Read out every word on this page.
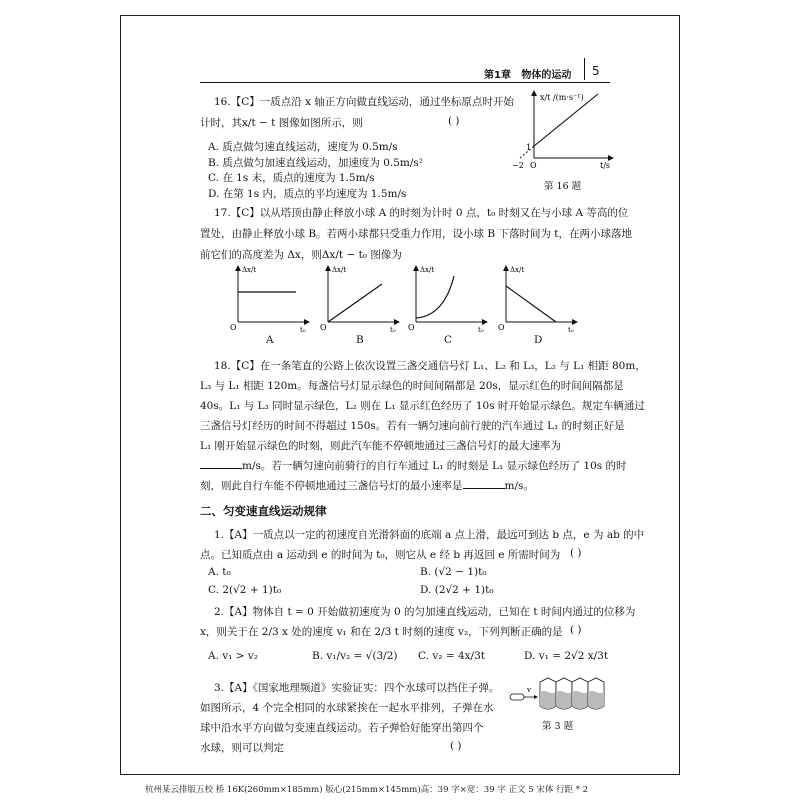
第1章 物体的运动 5
16.【C】一质点沿 x 轴正方向做直线运动，通过坐标原点时开始
计时，其x/t − t 图像如图所示，则	( )
A. 质点做匀速直线运动，速度为 0.5m/s
B. 质点做匀加速直线运动，加速度为 0.5m/s²
C. 在 1s 末，质点的速度为 1.5m/s
D. 在第 1s 内，质点的平均速度为 1.5m/s
x/t /(m·s⁻¹)
1
−2 O	t/s
第 16 题
17.【C】以从塔顶由静止释放小球 A 的时刻为计时 0 点，t₀ 时刻又在与小球 A 等高的位
置处，由静止释放小球 B。若两小球都只受重力作用，设小球 B 下落时间为 t，在两小球落地
前它们的高度差为 Δx，则Δx/t − t₀ 图像为
Δx/t
O	t₀
Δx/t
O	t₀
Δx/t
O	t₀
Δx/t
O	t₀
A	B	C	D
18.【C】在一条笔直的公路上依次设置三盏交通信号灯 L₁、L₂ 和 L₃，L₂ 与 L₁ 相距 80m，
L₃ 与 L₁ 相距 120m。每盏信号灯显示绿色的时间间隔都是 20s，显示红色的时间间隔都是
40s。L₁ 与 L₃ 同时显示绿色，L₂ 则在 L₁ 显示红色经历了 10s 时开始显示绿色。规定车辆通过
三盏信号灯经历的时间不得超过 150s。若有一辆匀速向前行驶的汽车通过 L₁ 的时刻正好是
L₁ 刚开始显示绿色的时刻，则此汽车能不停顿地通过三盏信号灯的最大速率为
m/s。若一辆匀速向前骑行的自行车通过 L₁ 的时刻是 L₁ 显示绿色经历了 10s 的时
刻，则此自行车能不停顿地通过三盏信号灯的最小速率是	m/s。
二、匀变速直线运动规律
1.【A】一质点以一定的初速度自光滑斜面的底端 a 点上滑，最远可到达 b 点，e 为 ab 的中
点。已知质点由 a 运动到 e 的时间为 t₀，则它从 e 经 b 再返回 e 所需时间为 ( )
A. t₀	B. (√2 − 1)t₀
C. 2(√2 + 1)t₀	D. (2√2 + 1)t₀
2.【A】物体自 t = 0 开始做初速度为 0 的匀加速直线运动，已知在 t 时间内通过的位移为
x，则关于在 2/3 x 处的速度 v₁ 和在 2/3 t 时刻的速度 v₂，下列判断正确的是 ( )
A. v₁ > v₂	B. v₁/v₂ = √(3/2) C. v₂ = 4x/3t	D. v₁ = 2√2 x/3t
3.【A】《国家地理频道》实验证实：四个水球可以挡住子弹。
如图所示，4 个完全相同的水球紧挨在一起水平排列，子弹在水
球中沿水平方向做匀变速直线运动。若子弹恰好能穿出第四个
水球，则可以判定	( )
v
第 3 题
杭州某云排版五校 桥 16K(260mm×185mm) 版心(215mm×145mm)高：39 字×宽：39 字 正文 5 宋体 行距 * 2
